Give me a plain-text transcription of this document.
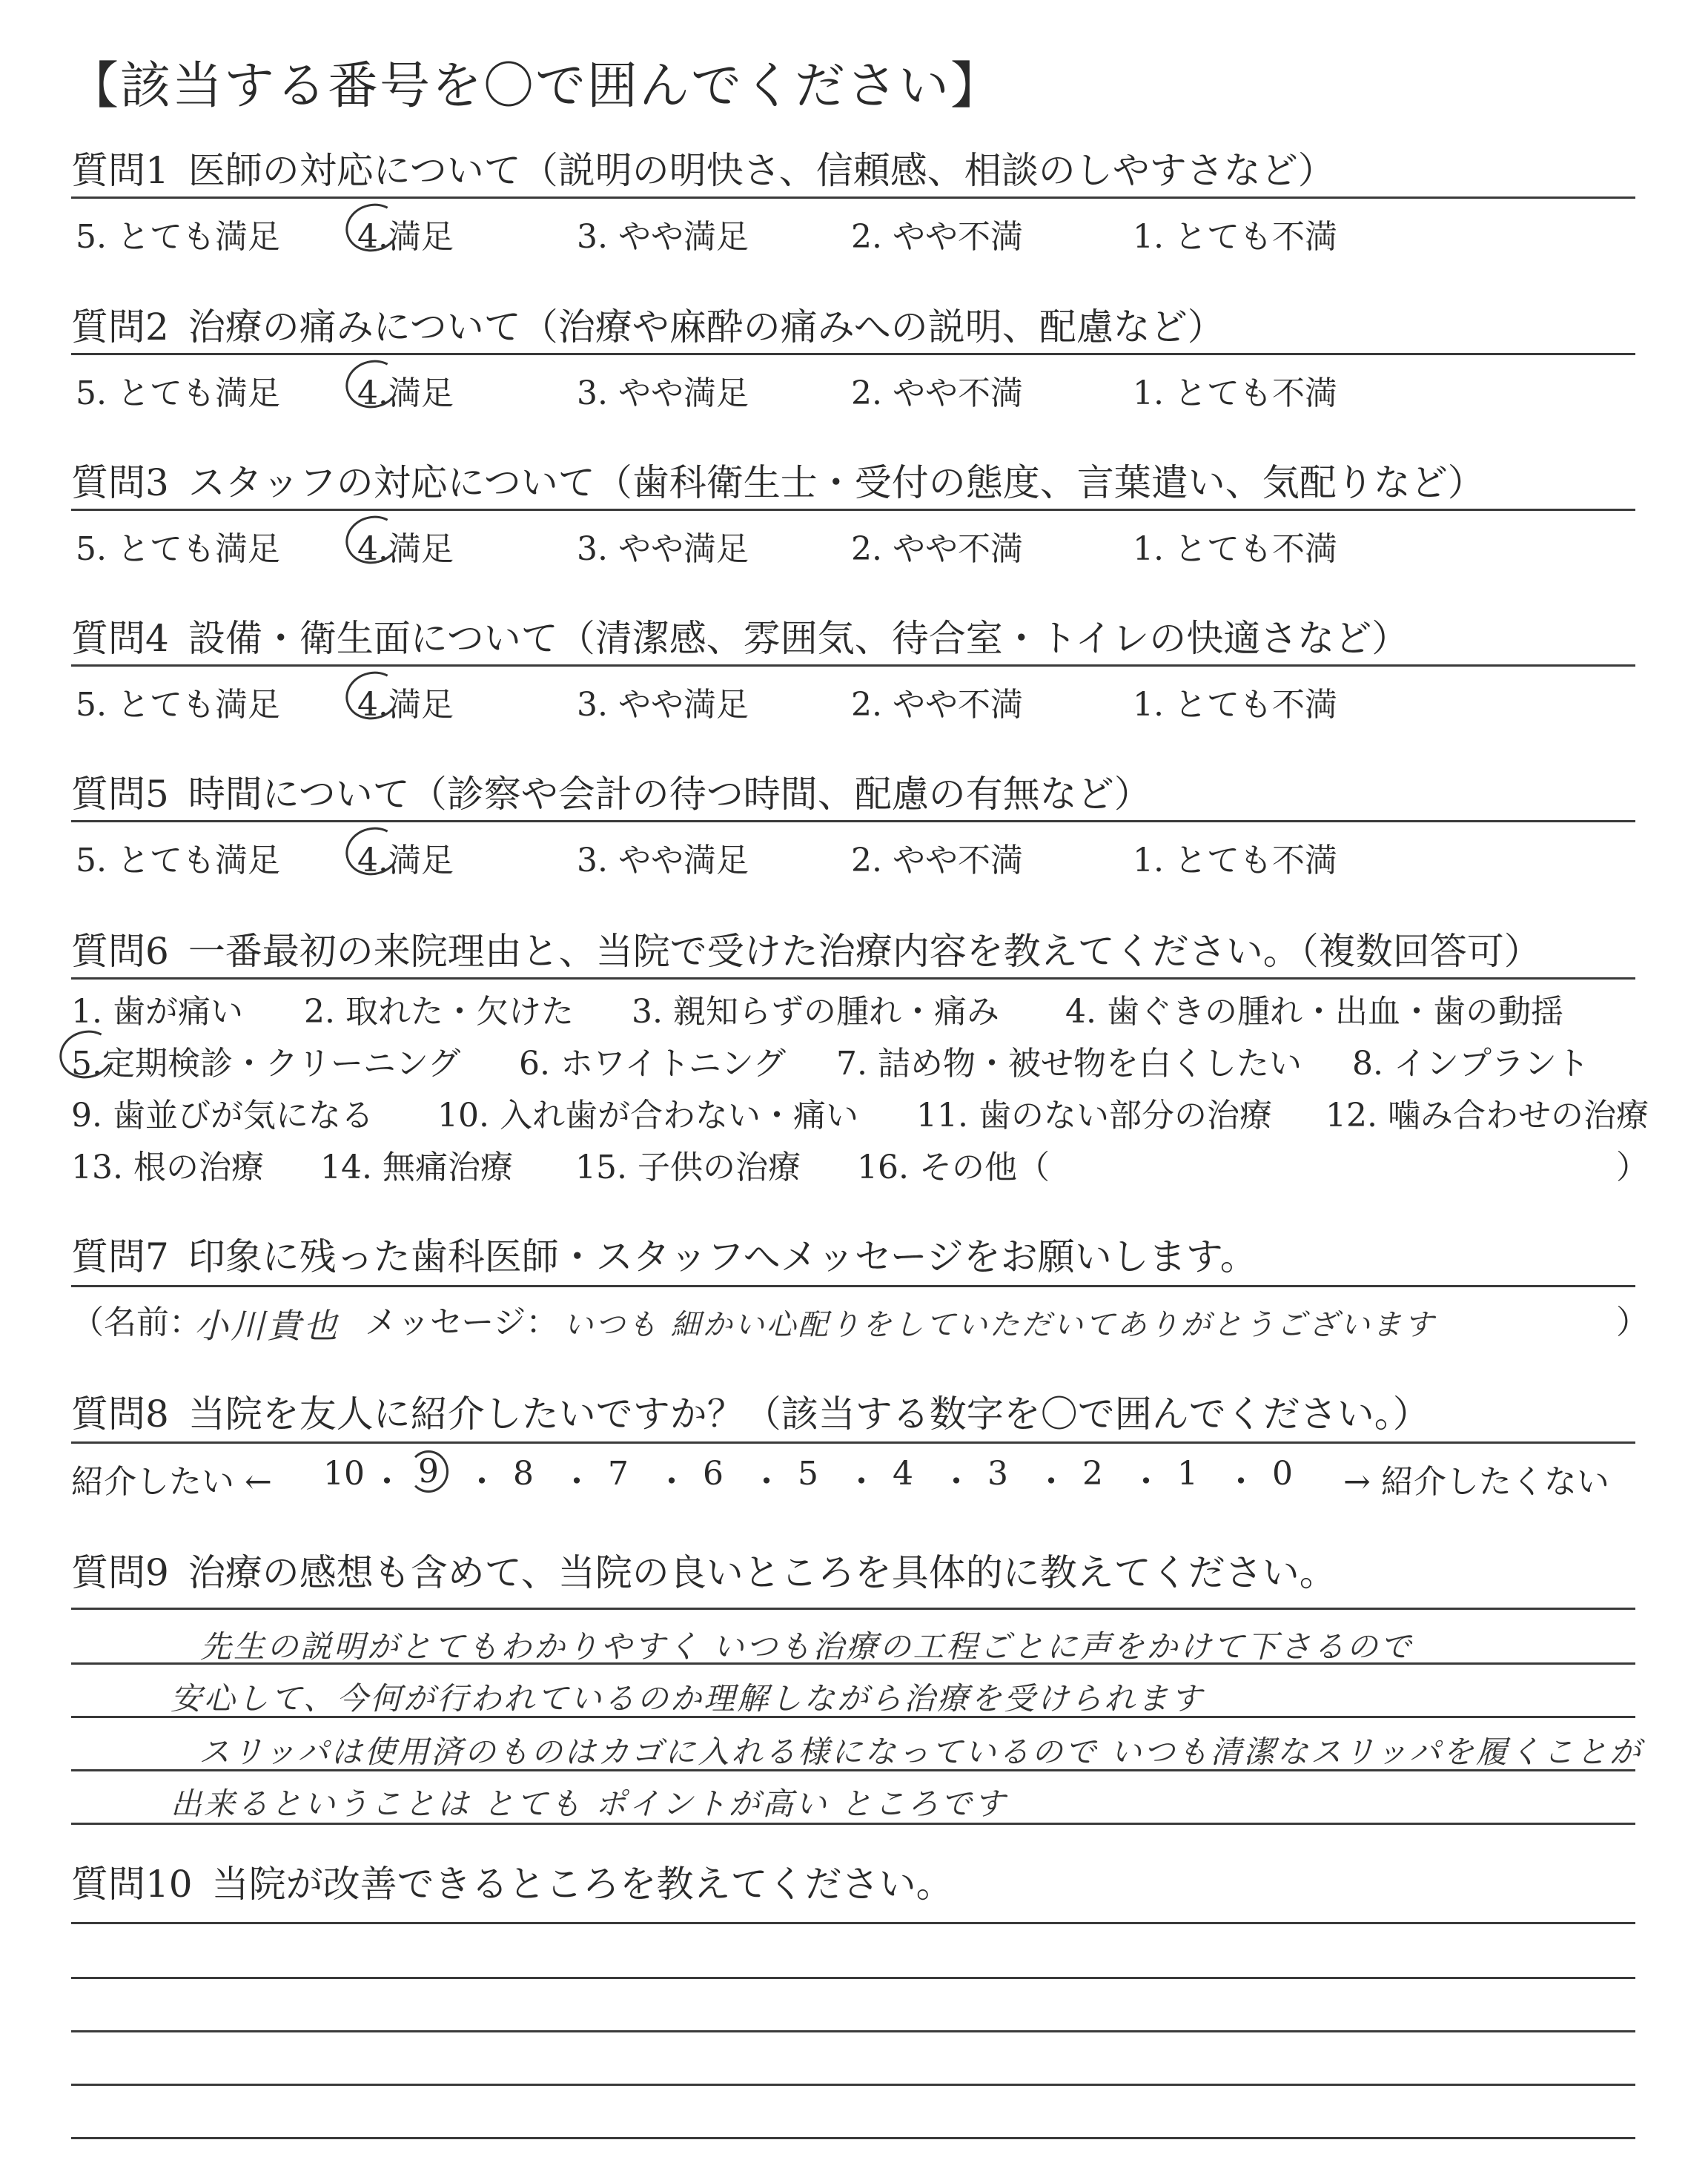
【該当する番号を〇で囲んでください】
質問1 医師の対応について（説明の明快さ、信頼感、相談のしやすさなど）
5. とても満足 4.満足	3. やや満足	2. やや不満	1. とても不満
質問2 治療の痛みについて（治療や麻酔の痛みへの説明、配慮など）
5. とても満足 4.満足	3. やや満足	2. やや不満	1. とても不満
質問3 スタッフの対応について（歯科衛生士・受付の態度、言葉遣い、気配りなど）
5. とても満足 4.満足	3. やや満足	2. やや不満	1. とても不満
質問4 設備・衛生面について（清潔感、雰囲気、待合室・トイレの快適さなど）
5. とても満足 4.満足	3. やや満足	2. やや不満	1. とても不満
質問5 時間について（診察や会計の待つ時間、配慮の有無など）
5. とても満足 4.満足	3. やや満足	2. やや不満	1. とても不満
質問6 一番最初の来院理由と、当院で受けた治療内容を教えてください。（複数回答可）
1. 歯が痛い 2. 取れた・欠けた 3. 親知らずの腫れ・痛み 4. 歯ぐきの腫れ・出血・歯の動揺
5.定期検診・クリーニング 6. ホワイトニング 7. 詰め物・被せ物を白くしたい 8. インプラント
9. 歯並びが気になる 10. 入れ歯が合わない・痛い 11. 歯のない部分の治療 12. 噛み合わせの治療
13. 根の治療 14. 無痛治療 15. 子供の治療 16. その他（	）
質問7 印象に残った歯科医師・スタッフへメッセージをお願いします。
（名前：
小川貴也 メッセージ： いつも 細かい心配りをしていただいてありがとうございます	）
質問8 当院を友人に紹介したいですか？（該当する数字を〇で囲んでください。）
紹介したい ← 10 ・ 9 ・ 8 ・ 7 ・ 6 ・ 5 ・ 4 ・ 3 ・ 2 ・ 1 ・ 0 → 紹介したくない
質問9 治療の感想も含めて、当院の良いところを具体的に教えてください。
先生の説明がとてもわかりやすく いつも治療の工程ごとに声をかけて下さるので
安心して、今何が行われているのか理解しながら治療を受けられます
スリッパは使用済のものはカゴに入れる様になっているので いつも清潔なスリッパを履くことが
出来るということは とても ポイントが高い ところです
質問10 当院が改善できるところを教えてください。
